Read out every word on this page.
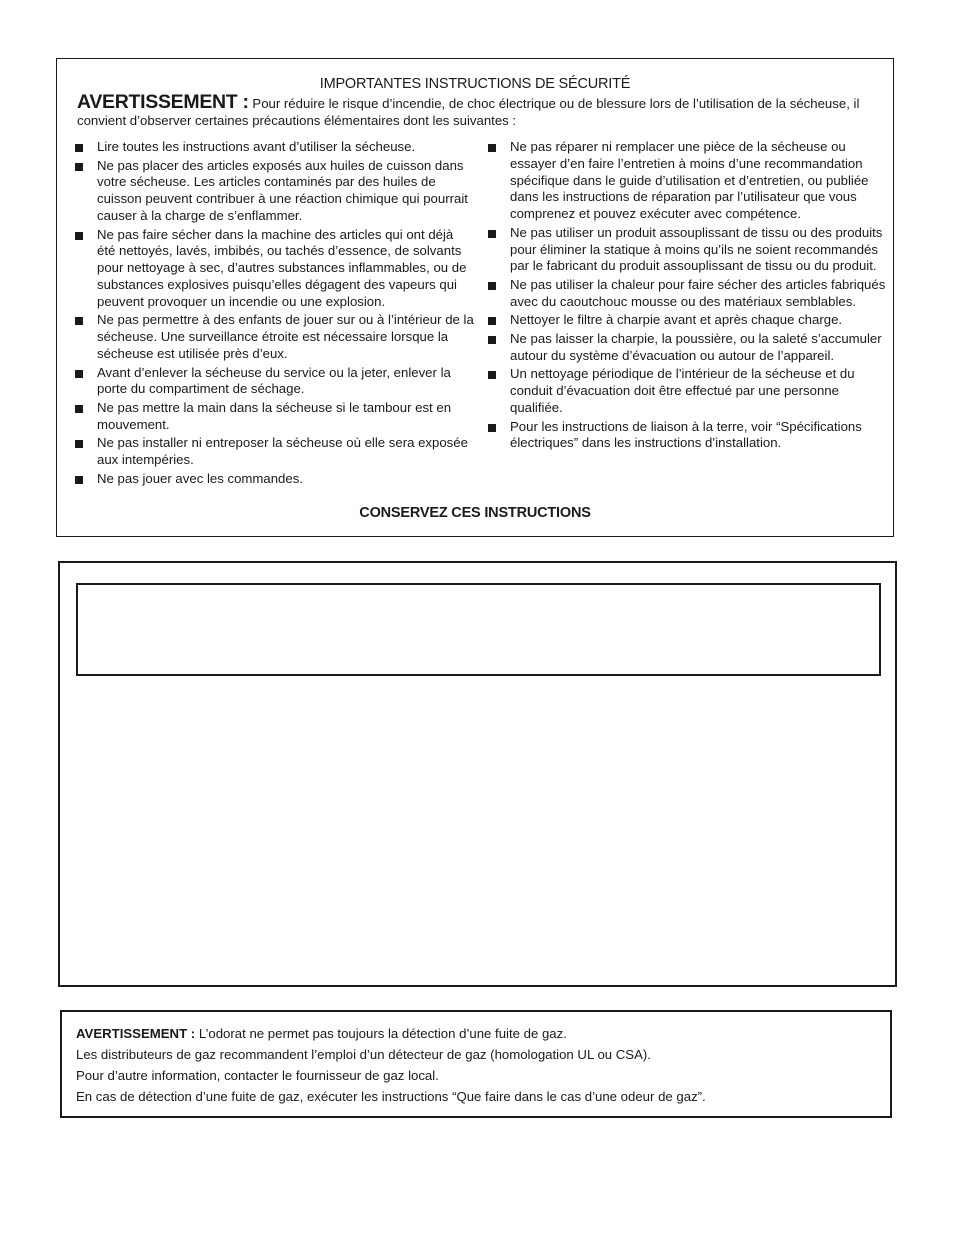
IMPORTANTES INSTRUCTIONS DE SÉCURITÉ

AVERTISSEMENT : Pour réduire le risque d’incendie, de choc électrique ou de blessure lors de l’utilisation de la sécheuse, il convient d’observer certaines précautions élémentaires dont les suivantes :

Lire toutes les instructions avant d’utiliser la sécheuse.
Ne pas placer des articles exposés aux huiles de cuisson dans votre sécheuse. Les articles contaminés par des huiles de cuisson peuvent contribuer à une réaction chimique qui pourrait causer à la charge de s’enflammer.
Ne pas faire sécher dans la machine des articles qui ont déjà été nettoyés, lavés, imbibés, ou tachés d’essence, de solvants pour nettoyage à sec, d’autres substances inflammables, ou de substances explosives puisqu’elles dégagent des vapeurs qui peuvent provoquer un incendie ou une explosion.
Ne pas permettre à des enfants de jouer sur ou à l’intérieur de la sécheuse. Une surveillance étroite est nécessaire lorsque la sécheuse est utilisée près d’eux.
Avant d’enlever la sécheuse du service ou la jeter, enlever la porte du compartiment de séchage.
Ne pas mettre la main dans la sécheuse si le tambour est en mouvement.
Ne pas installer ni entreposer la sécheuse où elle sera exposée aux intempéries.
Ne pas jouer avec les commandes.
Ne pas réparer ni remplacer une pièce de la sécheuse ou essayer d’en faire l’entretien à moins d’une recommandation spécifique dans le guide d’utilisation et d’entretien, ou publiée dans les instructions de réparation par l’utilisateur que vous comprenez et pouvez exécuter avec compétence.
Ne pas utiliser un produit assouplissant de tissu ou des produits pour éliminer la statique à moins qu’ils ne soient recommandés par le fabricant du produit assouplissant de tissu ou du produit.
Ne pas utiliser la chaleur pour faire sécher des articles fabriqués avec du caoutchouc mousse ou des matériaux semblables.
Nettoyer le filtre à charpie avant et après chaque charge.
Ne pas laisser la charpie, la poussière, ou la saleté s’accumuler autour du système d’évacuation ou autour de l’appareil.
Un nettoyage périodique de l’intérieur de la sécheuse et du conduit d’évacuation doit être effectué par une personne qualifiée.
Pour les instructions de liaison à la terre, voir “Spécifications électriques” dans les instructions d’installation.
CONSERVEZ CES INSTRUCTIONS

AVERTISSEMENT : L’odorat ne permet pas toujours la détection d’une fuite de gaz.

Les distributeurs de gaz recommandent l’emploi d’un détecteur de gaz (homologation UL ou CSA).

Pour d’autre information, contacter le fournisseur de gaz local.

En cas de détection d’une fuite de gaz, exécuter les instructions “Que faire dans le cas d’une odeur de gaz”.
